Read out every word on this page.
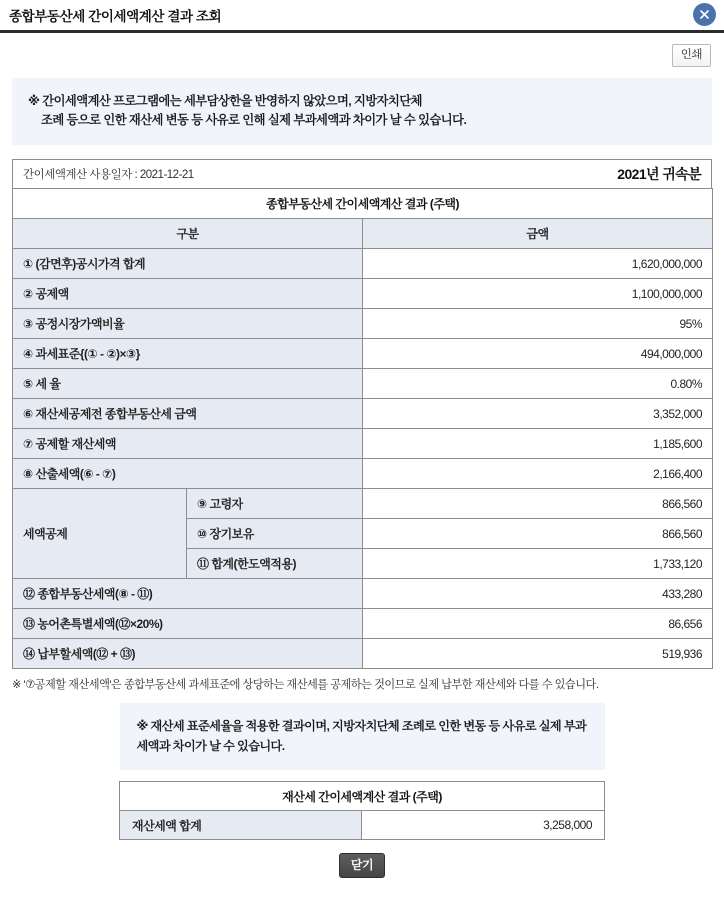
종합부동산세 간이세액계산 결과 조회
인쇄
※ 간이세액계산 프로그램에는 세부담상한을 반영하지 않았으며, 지방자치단체
조례 등으로 인한 재산세 변동 등 사유로 인해 실제 부과세액과 차이가 날 수 있습니다.
간이세액계산 사용일자 : 2021-12-21	2021년 귀속분
종합부동산세 간이세액계산 결과 (주택)		
구분		금액
① (감면후)공시가격 합계		1,620,000,000
② 공제액		1,100,000,000
③ 공정시장가액비율		95%
④ 과세표준{(① - ②)×③}		494,000,000
⑤ 세 율		0.80%
⑥ 재산세공제전 종합부동산세 금액		3,352,000
⑦ 공제할 재산세액		1,185,600
⑧ 산출세액(⑥ - ⑦)		2,166,400
세액공제	⑨ 고령자	866,560
	⑩ 장기보유	866,560
	⑪ 합계(한도액적용)	1,733,120
⑫ 종합부동산세액(⑧ - ⑪)		433,280
⑬ 농어촌특별세액(⑫×20%)		86,656
⑭ 납부할세액(⑫ + ⑬)		519,936
※ '⑦공제할 재산세액'은 종합부동산세 과세표준에 상당하는 재산세를 공제하는 것이므로 실제 납부한 재산세와 다를 수 있습니다.
※ 재산세 표준세율을 적용한 결과이며, 지방자치단체 조례로 인한 변동 등 사유로 실제 부과
세액과 차이가 날 수 있습니다.
재산세 간이세액계산 결과 (주택)
재산세액 합계	3,258,000
닫기
